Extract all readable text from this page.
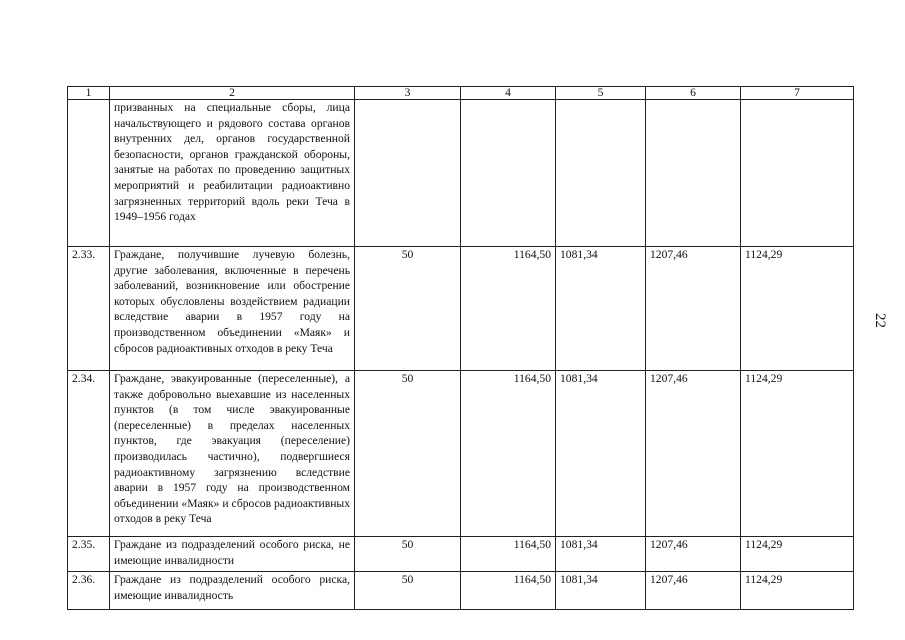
22
1	2	3	4	5	6	7
	призванных на специальные сборы, лица начальствующего и рядового состава органов внутренних дел, органов государственной безопасности, органов гражданской обороны, занятые на работах по проведению защитных мероприятий и реабилитации радиоактивно загрязненных территорий вдоль реки Теча в 1949–1956 годах					
2.33.	Граждане, получившие лучевую болезнь, другие заболевания, включенные в перечень заболеваний, возникновение или обострение которых обусловлены воздействием радиации вследствие аварии в 1957 году на производственном объединении «Маяк» и сбросов радиоактивных отходов в реку Теча	50	1164,50	1081,34	1207,46	1124,29
2.34.	Граждане, эвакуированные (переселенные), а также добровольно выехавшие из населенных пунктов (в том числе эвакуированные (переселенные) в пределах населенных пунктов, где эвакуация (переселение) производилась частично), подвергшиеся радиоактивному загрязнению вследствие аварии в 1957 году на производственном объединении «Маяк» и сбросов радиоактивных отходов в реку Теча	50	1164,50	1081,34	1207,46	1124,29
2.35.	Граждане из подразделений особого риска, не имеющие инвалидности	50	1164,50	1081,34	1207,46	1124,29
2.36.	Граждане из подразделений особого риска, имеющие инвалидность	50	1164,50	1081,34	1207,46	1124,29
